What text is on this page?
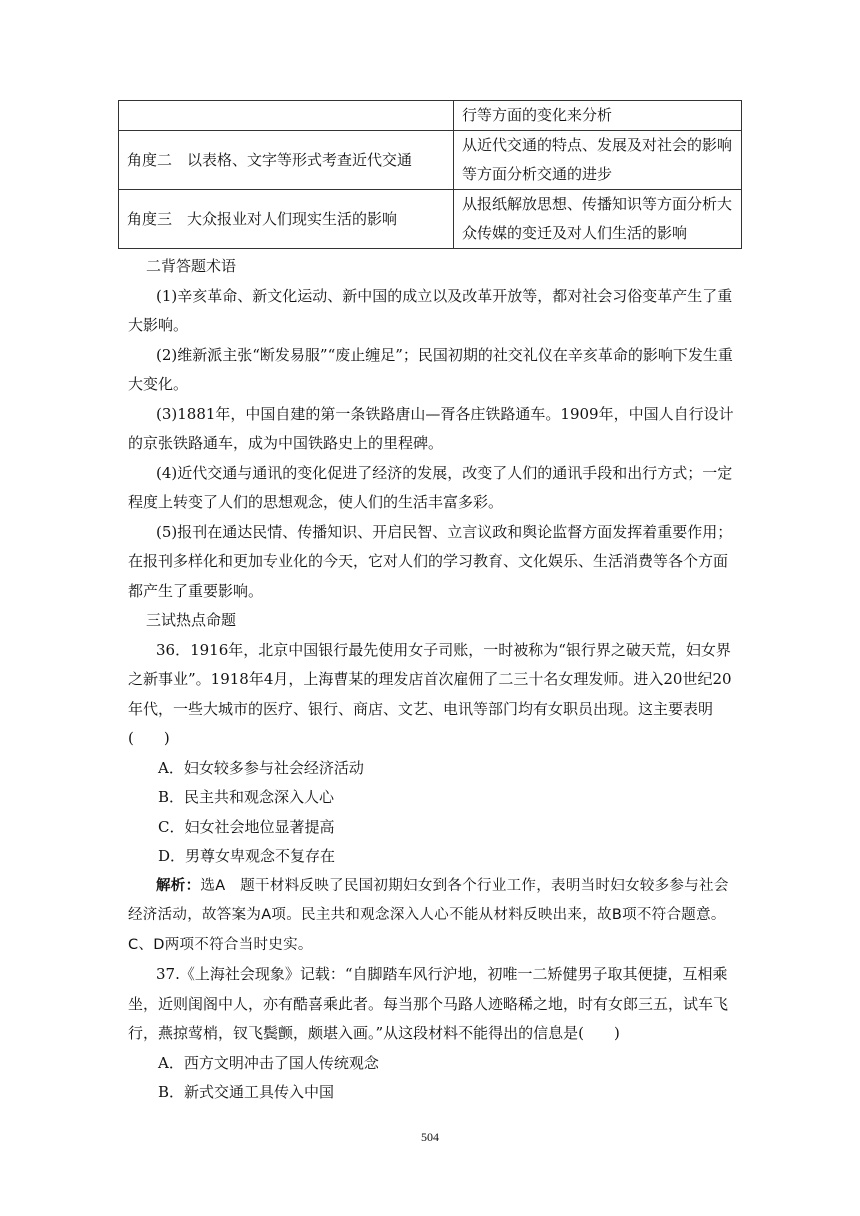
	行等方面的变化来分析
角度二　以表格、文字等形式考查近代交通	从近代交通的特点、发展及对社会的影响等方面分析交通的进步
角度三　大众报业对人们现实生活的影响	从报纸解放思想、传播知识等方面分析大众传媒的变迁及对人们生活的影响

二背答题术语

(1)辛亥革命、新文化运动、新中国的成立以及改革开放等，都对社会习俗变革产生了重大影响。

(2)维新派主张“断发易服”“废止缠足”；民国初期的社交礼仪在辛亥革命的影响下发生重大变化。

(3)1881年，中国自建的第一条铁路唐山—胥各庄铁路通车。1909年，中国人自行设计的京张铁路通车，成为中国铁路史上的里程碑。

(4)近代交通与通讯的变化促进了经济的发展，改变了人们的通讯手段和出行方式；一定程度上转变了人们的思想观念，使人们的生活丰富多彩。

(5)报刊在通达民情、传播知识、开启民智、立言议政和舆论监督方面发挥着重要作用；在报刊多样化和更加专业化的今天，它对人们的学习教育、文化娱乐、生活消费等各个方面都产生了重要影响。

三试热点命题

36．1916年，北京中国银行最先使用女子司账，一时被称为“银行界之破天荒，妇女界之新事业”。1918年4月，上海曹某的理发店首次雇佣了二三十名女理发师。进入20世纪20年代，一些大城市的医疗、银行、商店、文艺、电讯等部门均有女职员出现。这主要表明(　　)

A．妇女较多参与社会经济活动

B．民主共和观念深入人心

C．妇女社会地位显著提高

D．男尊女卑观念不复存在

解析：选A　题干材料反映了民国初期妇女到各个行业工作，表明当时妇女较多参与社会经济活动，故答案为A项。民主共和观念深入人心不能从材料反映出来，故B项不符合题意。C、D两项不符合当时史实。

37.《上海社会现象》记载：“自脚踏车风行沪地，初唯一二矫健男子取其便捷，互相乘坐，近则闺阁中人，亦有酷喜乘此者。每当那个马路人迹略稀之地，时有女郎三五，试车飞行，燕掠莺梢，钗飞鬓颤，颇堪入画。”从这段材料不能得出的信息是(　　)

A．西方文明冲击了国人传统观念

B．新式交通工具传入中国

504
